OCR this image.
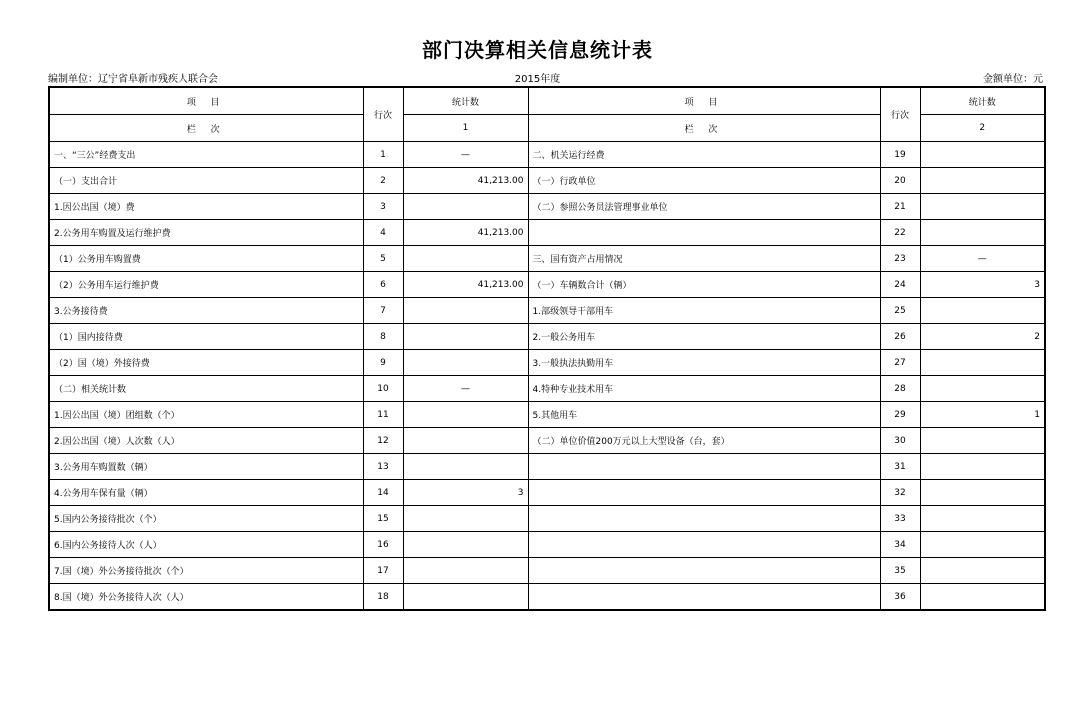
部门决算相关信息统计表
编制单位：辽宁省阜新市残疾人联合会	2015年度	金额单位：元
项 目	行次	统计数	项 目	行次	统计数
栏 次		1	栏 次		2
一、“三公”经费支出	1	—	二、机关运行经费	19	
（一）支出合计	2	41,213.00	（一）行政单位	20	
1.因公出国（境）费	3		（二）参照公务员法管理事业单位	21	
2.公务用车购置及运行维护费	4	41,213.00		22	
（1）公务用车购置费	5		三、国有资产占用情况	23	—
（2）公务用车运行维护费	6	41,213.00	（一）车辆数合计（辆）	24	3
3.公务接待费	7		1.部级领导干部用车	25	
（1）国内接待费	8		2.一般公务用车	26	2
（2）国（境）外接待费	9		3.一般执法执勤用车	27	
（二）相关统计数	10	—	4.特种专业技术用车	28	
1.因公出国（境）团组数（个）	11		5.其他用车	29	1
2.因公出国（境）人次数（人）	12		（二）单位价值200万元以上大型设备（台，套）	30	
3.公务用车购置数（辆）	13			31	
4.公务用车保有量（辆）	14	3		32	
5.国内公务接待批次（个）	15			33	
6.国内公务接待人次（人）	16			34	
7.国（境）外公务接待批次（个）	17			35	
8.国（境）外公务接待人次（人）	18			36	
